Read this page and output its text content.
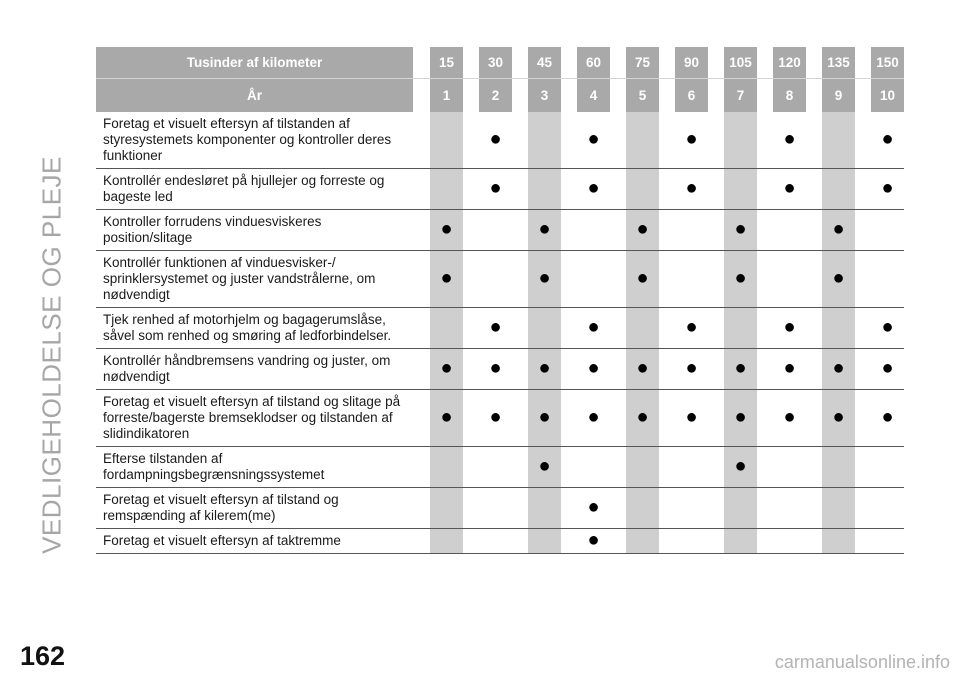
VEDLIGEHOLDELSE OG PLEJE
Tusinder af kilometer		15		30		45		60		75		90		105		120		135		150
År		1		2		3		4		5		6		7		8		9		10
Foretag et visuelt eftersyn af tilstanden af styresystemets komponenter og kontroller deres funktioner				●				●				●				●				●
Kontrollér endesløret på hjullejer og forreste og bageste led				●				●				●				●				●
Kontroller forrudens vinduesviskeres position/slitage		●				●				●				●				●		
Kontrollér funktionen af vinduesvisker-/ sprinklersystemet og juster vandstrålerne, om nødvendigt		●				●				●				●				●		
Tjek renhed af motorhjelm og bagagerumslåse, såvel som renhed og smøring af ledforbindelser.				●				●				●				●				●
Kontrollér håndbremsens vandring og juster, om nødvendigt		●		●		●		●		●		●		●		●		●		●
Foretag et visuelt eftersyn af tilstand og slitage på forreste/bagerste bremseklodser og tilstanden af slidindikatoren		●		●		●		●		●		●		●		●		●		●
Efterse tilstanden af fordampningsbegrænsningssystemet						●								●						
Foretag et visuelt eftersyn af tilstand og remspænding af kilerem(me)								●												
Foretag et visuelt eftersyn af taktremme								●												
162	carmanualsonline.info
